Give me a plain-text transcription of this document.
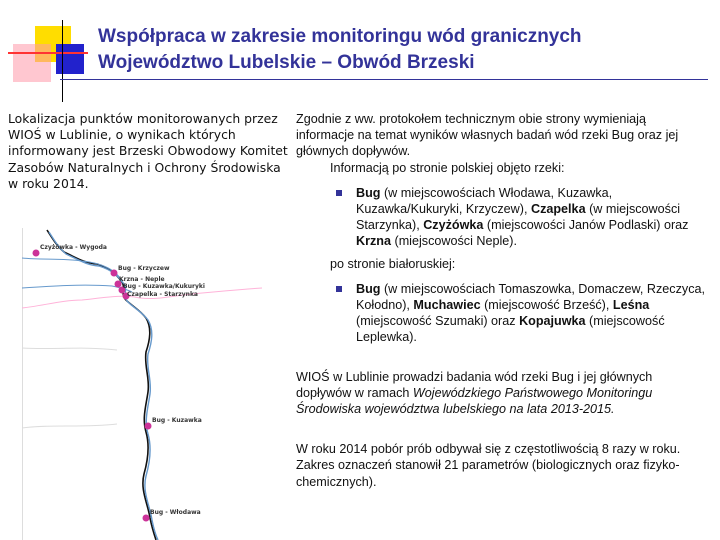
Współpraca w zakresie monitoringu wód granicznych
Województwo Lubelskie – Obwód Brzeski
Lokalizacja punktów monitorowanych przez WIOŚ w Lublinie, o wynikach których informowany jest Brzeski Obwodowy Komitet Zasobów Naturalnych i Ochrony Środowiska w roku 2014.

Zgodnie z ww. protokołem technicznym obie strony wymieniają informacje na temat wyników własnych badań wód rzeki Bug oraz jej głównych dopływów.

Informacją po stronie polskiej objęto rzeki:

Bug (w miejscowościach Włodawa, Kuzawka, Kuzawka/Kukuryki, Krzyczew), Czapelka (w miejscowości Starzynka), Czyżówka (miejscowości Janów Podlaski) oraz Krzna (miejscowości Neple).

po stronie białoruskiej:

Bug (w miejscowościach Tomaszowka, Domaczew, Rzeczyca, Kołodno), Muchawiec (miejscowość Brześć), Leśna (miejscowość Szumaki) oraz Kopajuwka (miejscowość Leplewka).

WIOŚ w Lublinie prowadzi badania wód rzeki Bug i jej głównych dopływów w ramach Wojewódzkiego Państwowego Monitoringu Środowiska województwa lubelskiego na lata 2013-2015.

W roku 2014 pobór prób odbywał się z częstotliwością 8 razy w roku. Zakres oznaczeń stanowił 21 parametrów (biologicznych oraz fizyko-chemicznych).

Czyżówka - Wygoda
Bug - Krzyczew
Krzna - Neple
Bug - Kuzawka/Kukuryki
Czapelka - Starzynka
Bug - Kuzawka
Bug - Włodawa
